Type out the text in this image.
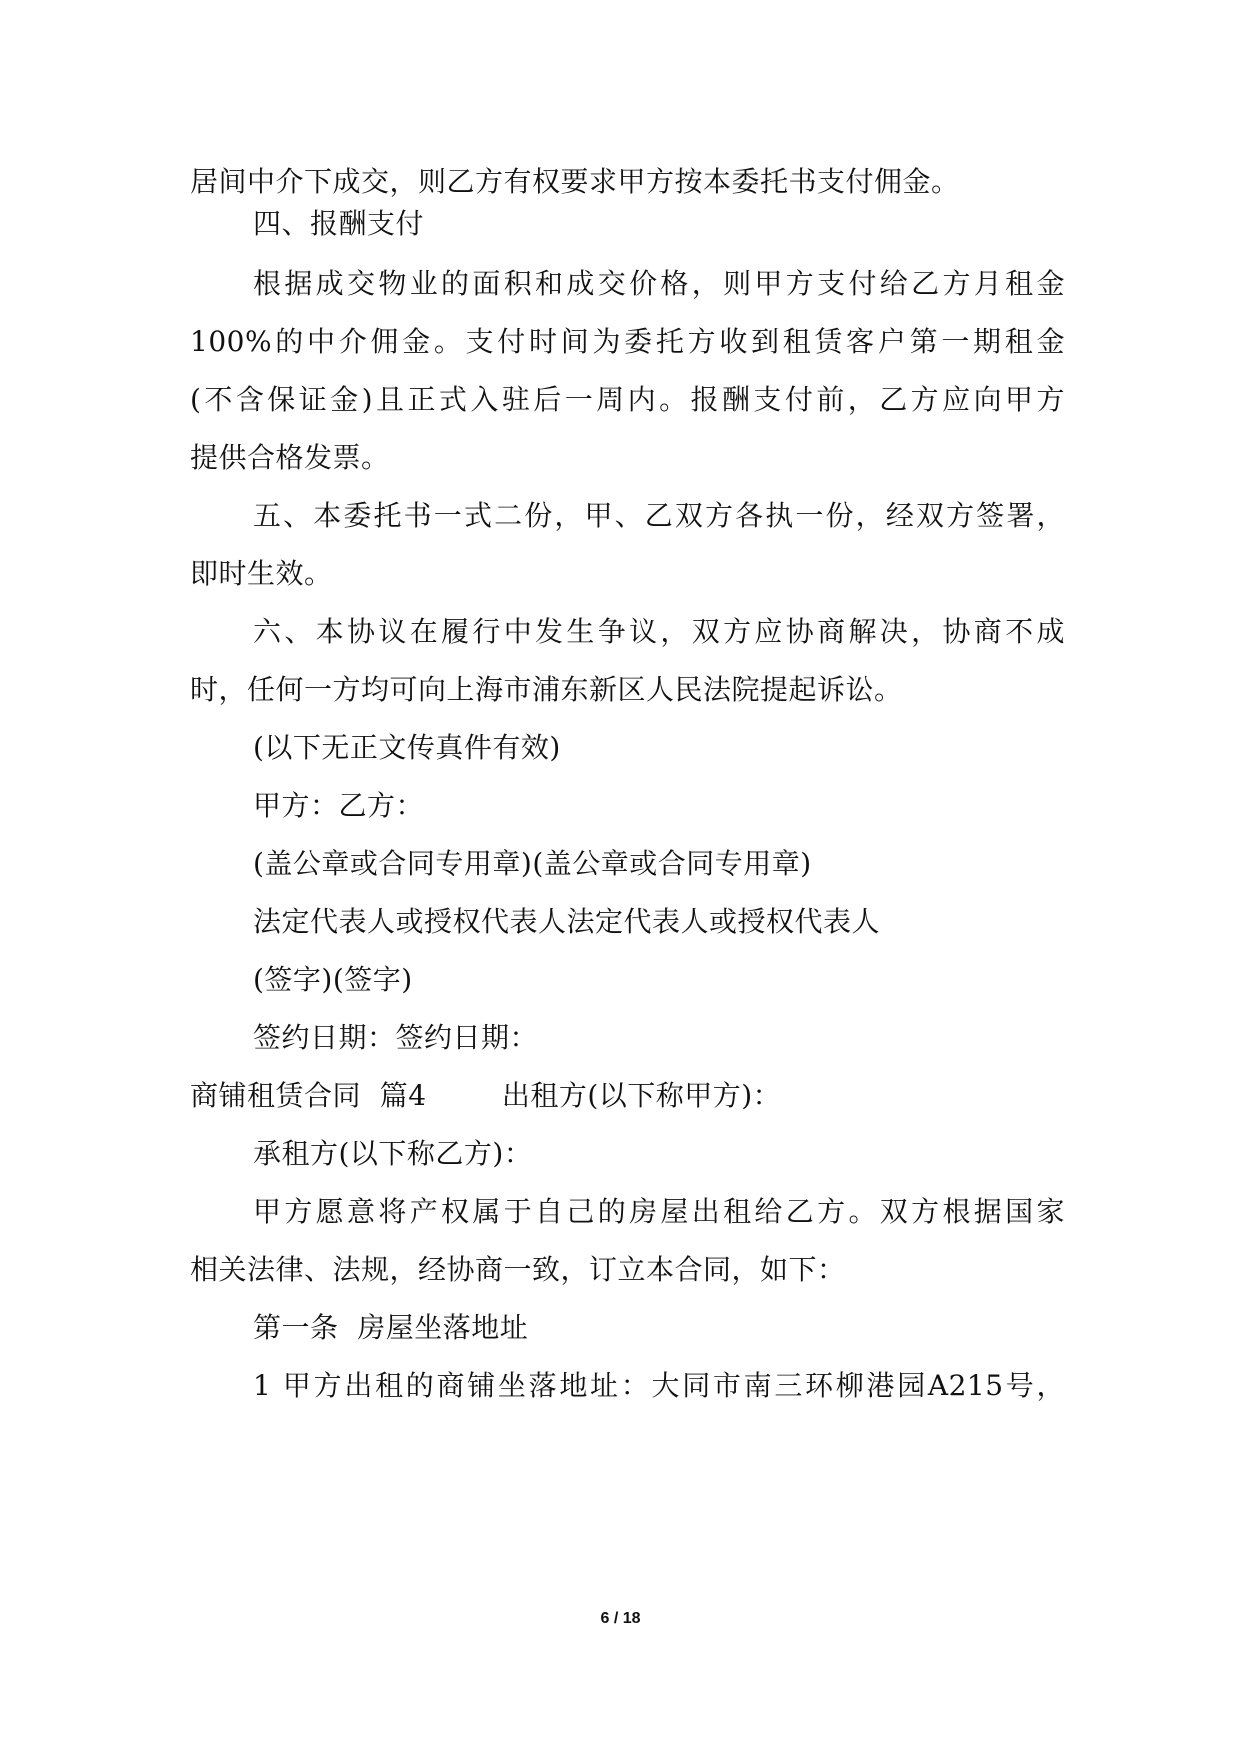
居间中介下成交，则乙方有权要求甲方按本委托书支付佣金。
四、报酬支付
根据成交物业的面积和成交价格，则甲方支付给乙方月租金
100%的中介佣金。支付时间为委托方收到租赁客户第一期租金
(不含保证金)且正式入驻后一周内。报酬支付前，乙方应向甲方
提供合格发票。
五、本委托书一式二份，甲、乙双方各执一份，经双方签署，
即时生效。
六、本协议在履行中发生争议，双方应协商解决，协商不成
时，任何一方均可向上海市浦东新区人民法院提起诉讼。
(以下无正文传真件有效)
甲方：乙方：
(盖公章或合同专用章)(盖公章或合同专用章)
法定代表人或授权代表人法定代表人或授权代表人
(签字)(签字)
签约日期：签约日期：
商铺租赁合同  篇4        出租方(以下称甲方)：
承租方(以下称乙方)：
甲方愿意将产权属于自己的房屋出租给乙方。双方根据国家
相关法律、法规，经协商一致，订立本合同，如下：
第一条  房屋坐落地址
1 甲方出租的商铺坐落地址：大同市南三环柳港园A215号，
6 / 18
